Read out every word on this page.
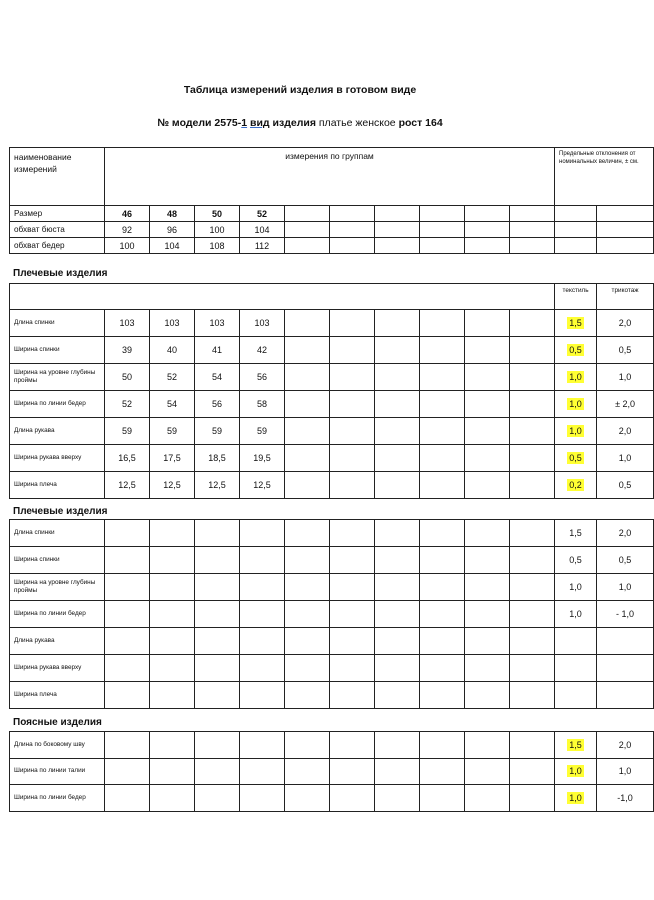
Таблица измерений изделия в готовом виде
№ модели 2575-1 вид изделия платье женское рост 164
наименование измерений	измерения по группам										Предельные отклонения от номинальных величин, ± см.	
Размер	46	48	50	52								
обхват бюста	92	96	100	104								
обхват бедер	100	104	108	112								
Плечевые изделия
											текстиль	трикотаж
Длина спинки	103	103	103	103							1,5	2,0
Ширина спинки	39	40	41	42							0,5	0,5
Ширина на уровне глубины проймы	50	52	54	56							1,0	1,0
Ширина по линии бедер	52	54	56	58							1,0	± 2,0
Длина рукава	59	59	59	59							1,0	2,0
Ширина рукава вверху	16,5	17,5	18,5	19,5							0,5	1,0
Ширина плеча	12,5	12,5	12,5	12,5							0,2	0,5
Плечевые изделия
Длина спинки											1,5	2,0
Ширина спинки											0,5	0,5
Ширина на уровне глубины проймы											1,0	1,0
Ширина по линии бедер											1,0	- 1,0
Длина рукава												
Ширина рукава вверху												
Ширина плеча												
Поясные изделия
Длина по боковому шву											1,5	2,0
Ширина по линии талии											1,0	1,0
Ширина по линии бедер											1,0	-1,0
